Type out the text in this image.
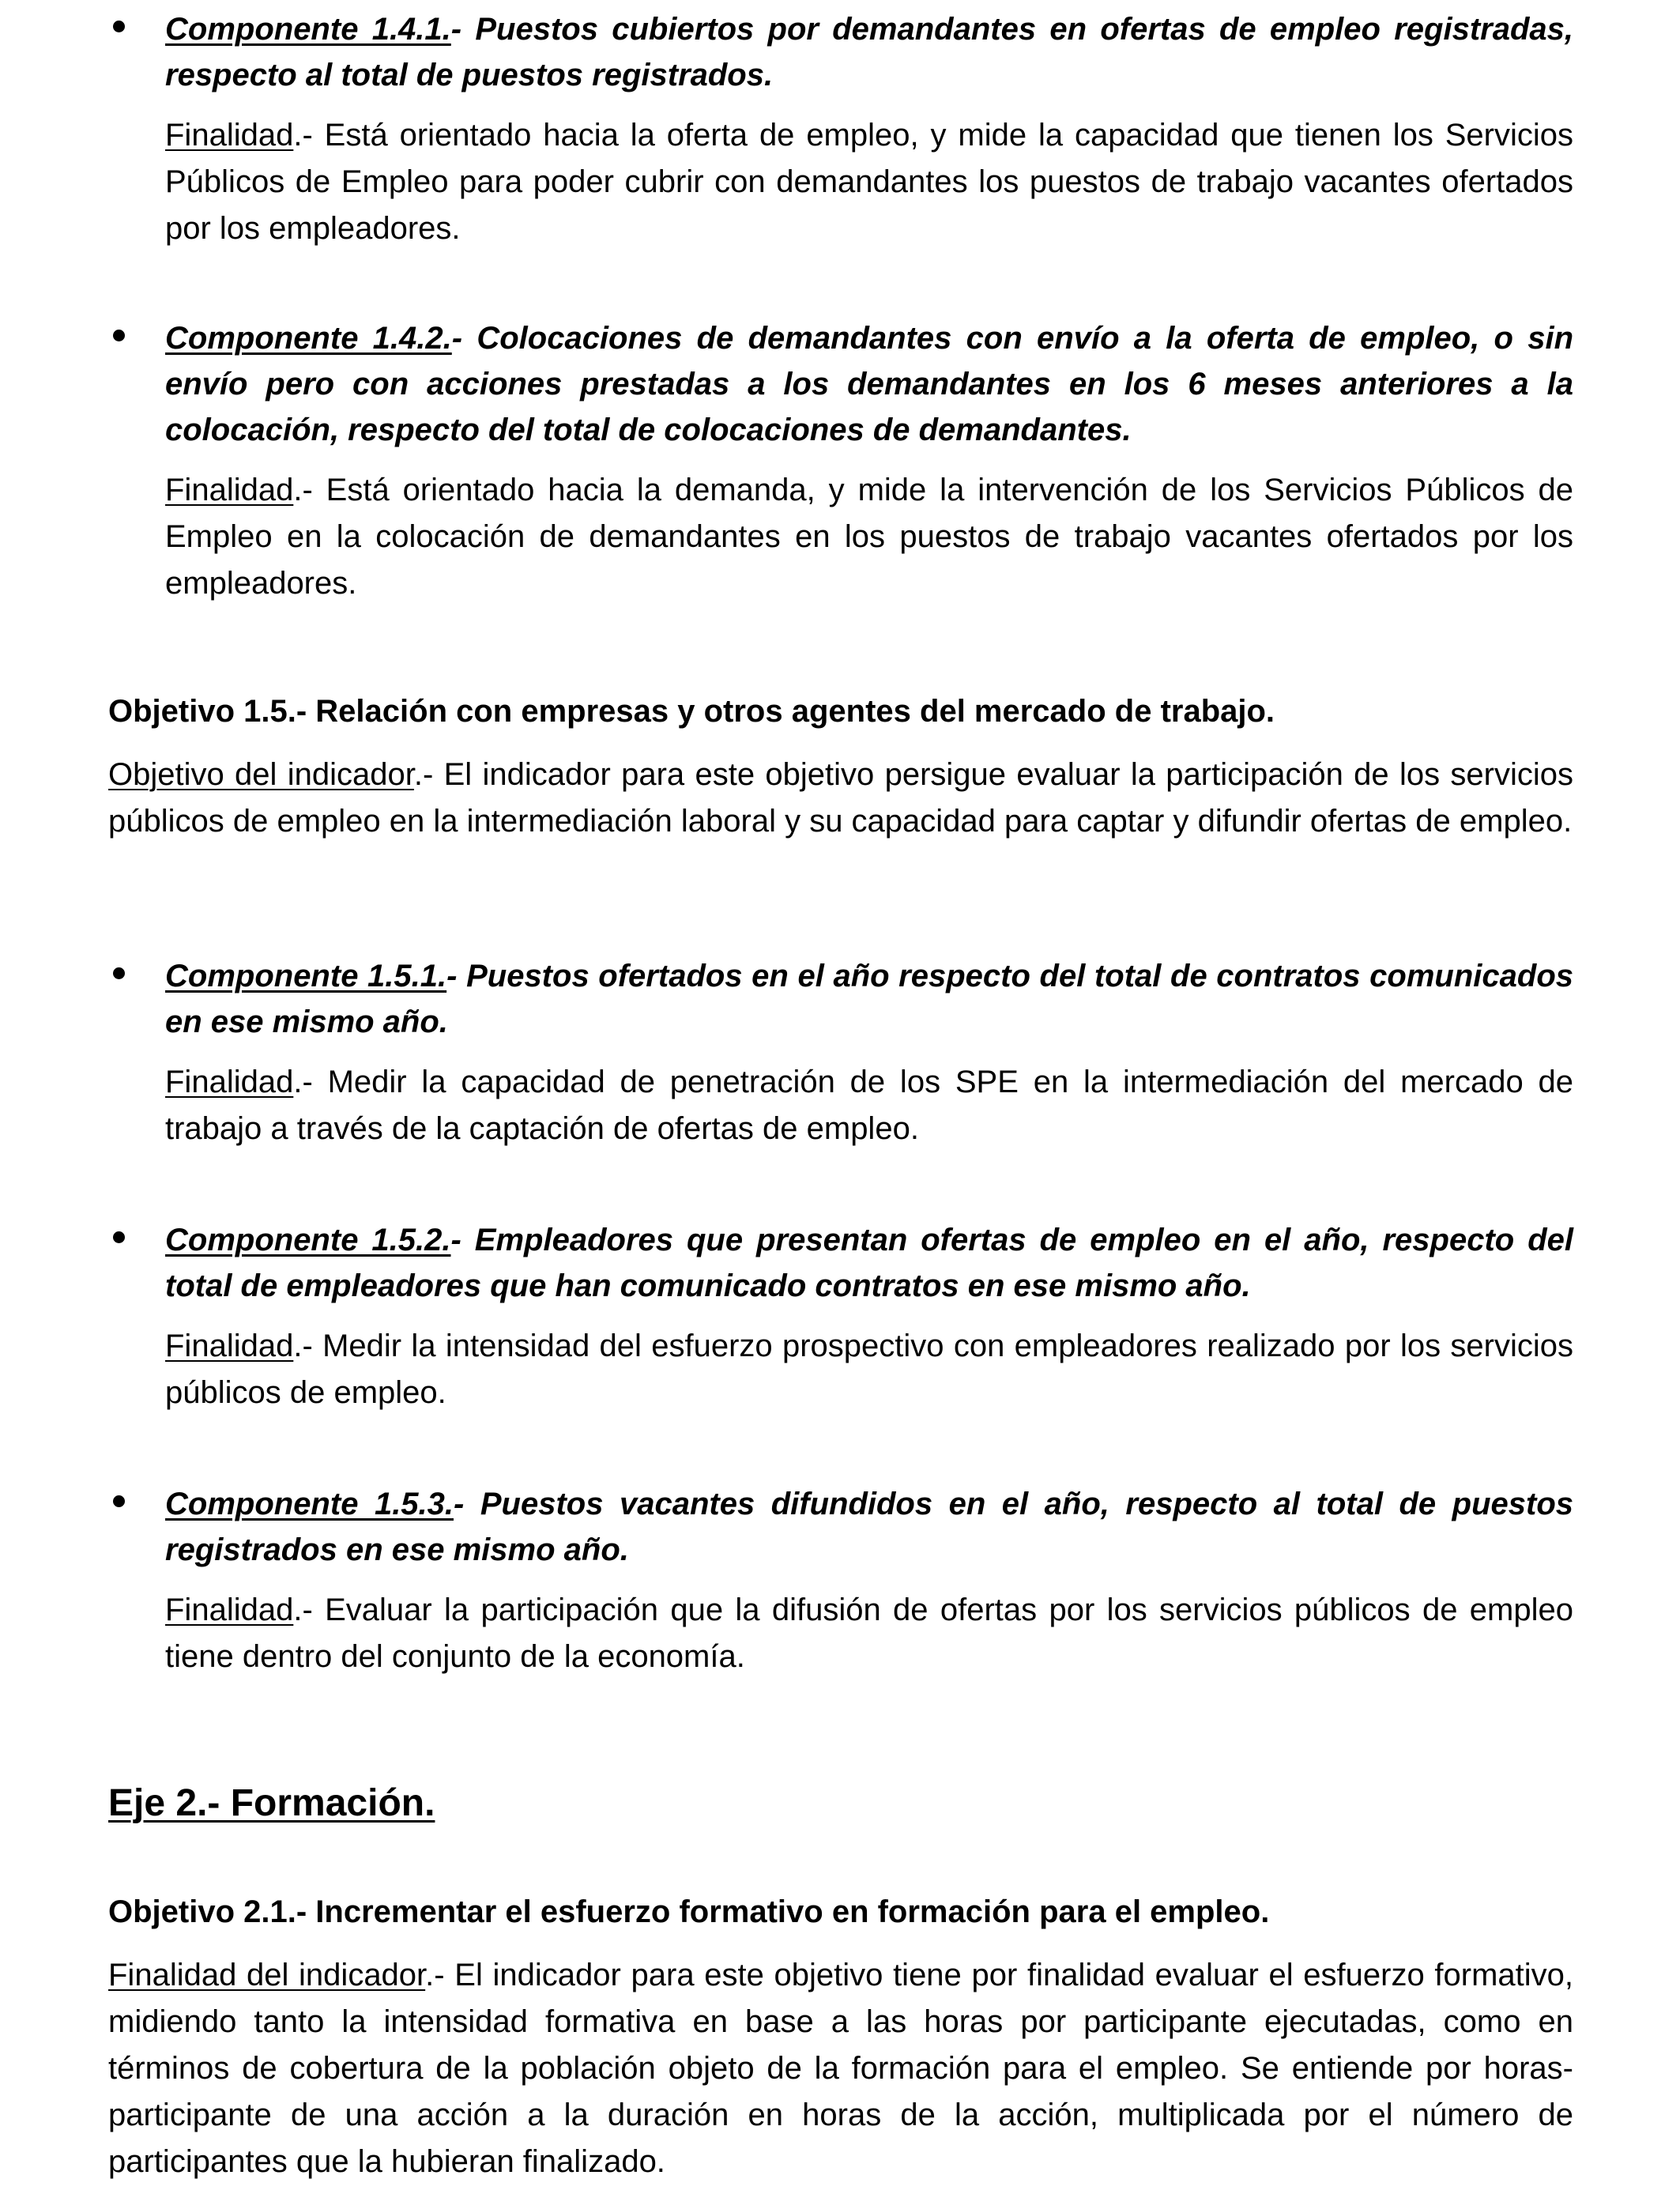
Componente 1.4.1.- Puestos cubiertos por demandantes en ofertas de empleo registradas, respecto al total de puestos registrados.

Finalidad.- Está orientado hacia la oferta de empleo, y mide la capacidad que tienen los Servicios Públicos de Empleo para poder cubrir con demandantes los puestos de trabajo vacantes ofertados por los empleadores.

Componente 1.4.2.- Colocaciones de demandantes con envío a la oferta de empleo, o sin envío pero con acciones prestadas a los demandantes en los 6 meses anteriores a la colocación, respecto del total de colocaciones de demandantes.

Finalidad.- Está orientado hacia la demanda, y mide la intervención de los Servicios Públicos de Empleo en la colocación de demandantes en los puestos de trabajo vacantes ofertados por los empleadores.

Objetivo 1.5.- Relación con empresas y otros agentes del mercado de trabajo.

Objetivo del indicador.- El indicador para este objetivo persigue evaluar la participación de los servicios públicos de empleo en la intermediación laboral y su capacidad para captar y difundir ofertas de empleo.

Componente 1.5.1.- Puestos ofertados en el año respecto del total de contratos comunicados en ese mismo año.

Finalidad.- Medir la capacidad de penetración de los SPE en la intermediación del mercado de trabajo a través de la captación de ofertas de empleo.

Componente 1.5.2.- Empleadores que presentan ofertas de empleo en el año, respecto del total de empleadores que han comunicado contratos en ese mismo año.

Finalidad.- Medir la intensidad del esfuerzo prospectivo con empleadores realizado por los servicios públicos de empleo.

Componente 1.5.3.- Puestos vacantes difundidos en el año, respecto al total de puestos registrados en ese mismo año.

Finalidad.- Evaluar la participación que la difusión de ofertas por los servicios públicos de empleo tiene dentro del conjunto de la economía.

Eje 2.- Formación.

Objetivo 2.1.- Incrementar el esfuerzo formativo en formación para el empleo.

Finalidad del indicador.- El indicador para este objetivo tiene por finalidad evaluar el esfuerzo formativo, midiendo tanto la intensidad formativa en base a las horas por participante ejecutadas, como en términos de cobertura de la población objeto de la formación para el empleo. Se entiende por horas-participante de una acción a la duración en horas de la acción, multiplicada por el número de participantes que la hubieran finalizado.
